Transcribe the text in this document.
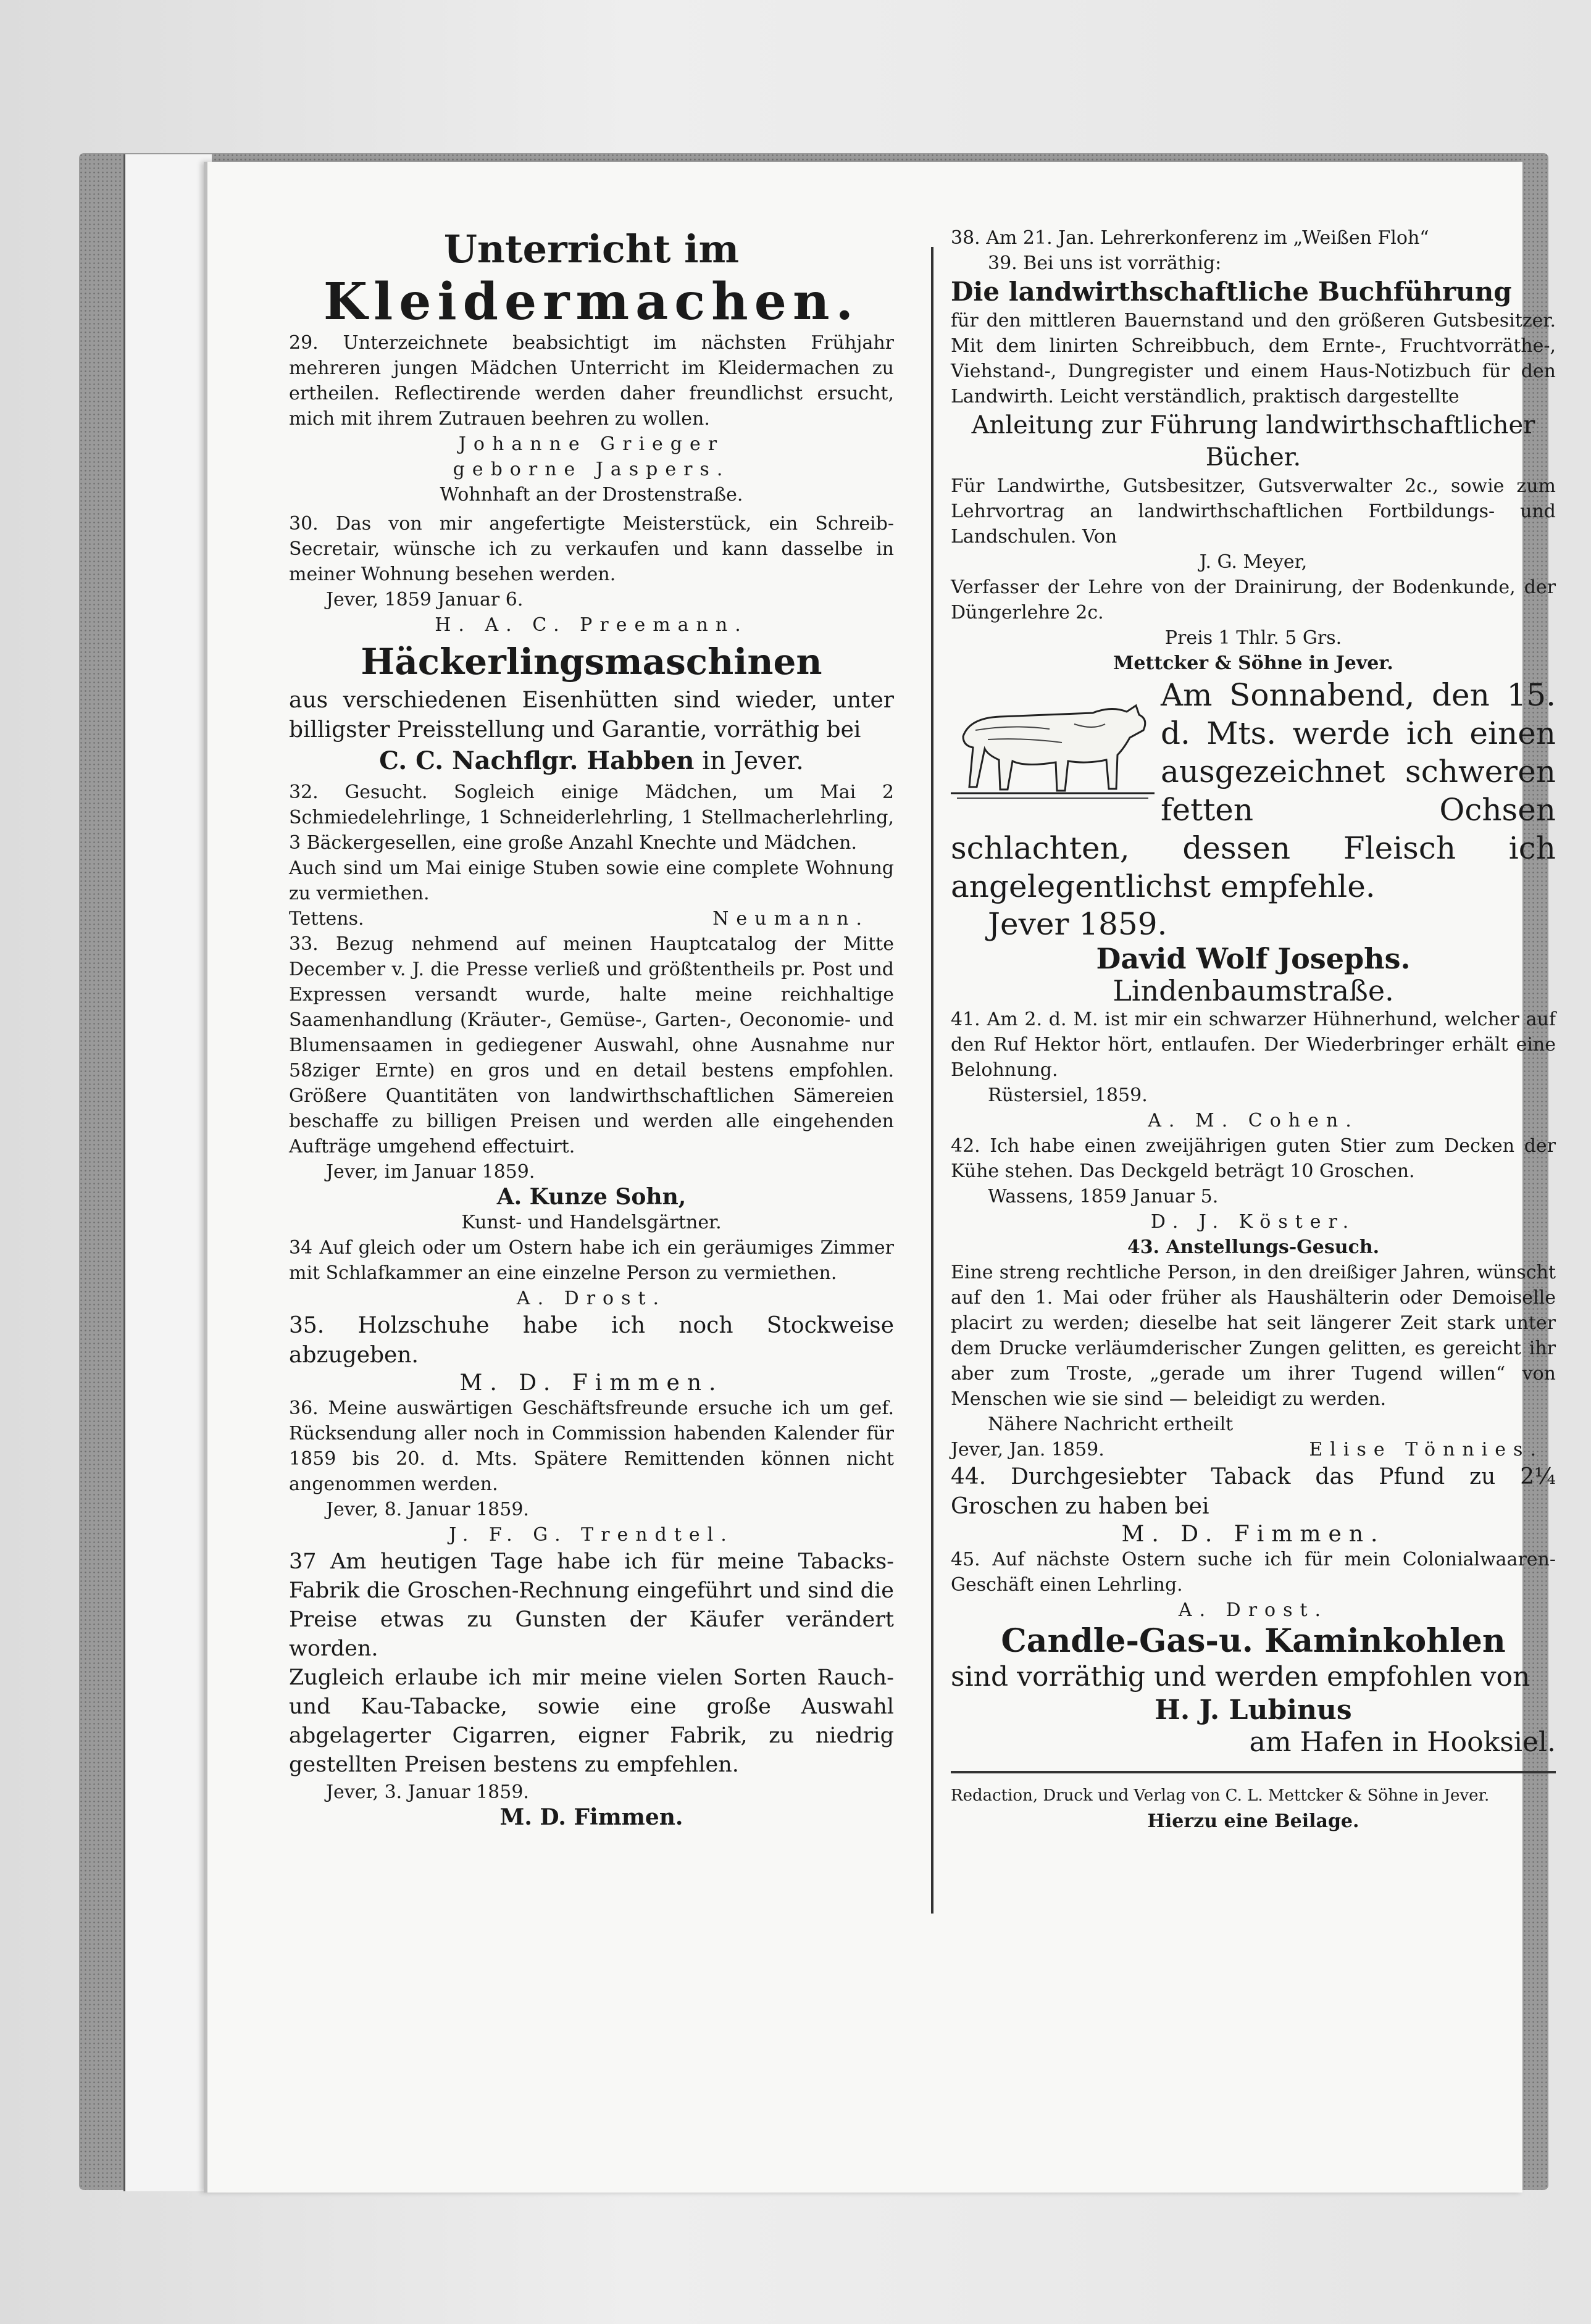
Unterricht im

Kleidermachen.

29. Unterzeichnete beabsichtigt im nächsten Frühjahr mehreren jungen Mädchen Unterricht im Kleidermachen zu ertheilen. Reflectirende werden daher freundlichst ersucht, mich mit ihrem Zutrauen beehren zu wollen.

Johanne Grieger

geborne Jaspers.

Wohnhaft an der Drostenstraße.

30. Das von mir angefertigte Meisterstück, ein Schreib-Secretair, wünsche ich zu verkaufen und kann dasselbe in meiner Wohnung besehen werden.

Jever, 1859 Januar 6.

H. A. C. Preemann.

Häckerlingsmaschinen

aus verschiedenen Eisenhütten sind wieder, unter billigster Preisstellung und Garantie, vorräthig bei

C. C. Nachflgr. Habben in Jever.

32. Gesucht. Sogleich einige Mädchen, um Mai 2 Schmiedelehrlinge, 1 Schneiderlehrling, 1 Stellmacherlehrling, 3 Bäckergesellen, eine große Anzahl Knechte und Mädchen.

Auch sind um Mai einige Stuben sowie eine complete Wohnung zu vermiethen.

Tettens.	Neumann.

33. Bezug nehmend auf meinen Hauptcatalog der Mitte December v. J. die Presse verließ und größtentheils pr. Post und Expressen versandt wurde, halte meine reichhaltige Saamenhandlung (Kräuter-, Gemüse-, Garten-, Oeconomie- und Blumensaamen in gediegener Auswahl, ohne Ausnahme nur 58ziger Ernte) en gros und en detail bestens empfohlen. Größere Quantitäten von landwirthschaftlichen Sämereien beschaffe zu billigen Preisen und werden alle eingehenden Aufträge umgehend effectuirt.

Jever, im Januar 1859.

A. Kunze Sohn,

Kunst- und Handelsgärtner.

34 Auf gleich oder um Ostern habe ich ein geräumiges Zimmer mit Schlafkammer an eine einzelne Person zu vermiethen.

A. Drost.

35. Holzschuhe habe ich noch Stockweise abzugeben.

M. D. Fimmen.

36. Meine auswärtigen Geschäftsfreunde ersuche ich um gef. Rücksendung aller noch in Commission habenden Kalender für 1859 bis 20. d. Mts. Spätere Remittenden können nicht angenommen werden.

Jever, 8. Januar 1859.

J. F. G. Trendtel.

37 Am heutigen Tage habe ich für meine Tabacks-Fabrik die Groschen-Rechnung eingeführt und sind die Preise etwas zu Gunsten der Käufer verändert worden.

Zugleich erlaube ich mir meine vielen Sorten Rauch- und Kau-Tabacke, sowie eine große Auswahl abgelagerter Cigarren, eigner Fabrik, zu niedrig gestellten Preisen bestens zu empfehlen.

Jever, 3. Januar 1859.

M. D. Fimmen.

38. Am 21. Jan. Lehrerkonferenz im „Weißen Floh“

39. Bei uns ist vorräthig:

Die landwirthschaftliche Buchführung

für den mittleren Bauernstand und den größeren Gutsbesitzer. Mit dem linirten Schreibbuch, dem Ernte-, Fruchtvorräthe-, Viehstand-, Dungregister und einem Haus-Notizbuch für den Landwirth. Leicht verständlich, praktisch dargestellte

Anleitung zur Führung landwirthschaftlicher Bücher.

Für Landwirthe, Gutsbesitzer, Gutsverwalter 2c., sowie zum Lehrvortrag an landwirthschaftlichen Fortbildungs- und Landschulen. Von

J. G. Meyer,

Verfasser der Lehre von der Drainirung, der Bodenkunde, der Düngerlehre 2c.

Preis 1 Thlr. 5 Grs.

Mettcker & Söhne in Jever.

Am Sonnabend, den 15. d. Mts. werde ich einen ausgezeichnet schweren fetten Ochsen schlachten, dessen Fleisch ich angelegentlichst empfehle.

Jever 1859.

David Wolf Josephs.

Lindenbaumstraße.

41. Am 2. d. M. ist mir ein schwarzer Hühnerhund, welcher auf den Ruf Hektor hört, entlaufen. Der Wiederbringer erhält eine Belohnung.

Rüstersiel, 1859.

A. M. Cohen.

42. Ich habe einen zweijährigen guten Stier zum Decken der Kühe stehen. Das Deckgeld beträgt 10 Groschen.

Wassens, 1859 Januar 5.

D. J. Köster.

43. Anstellungs-Gesuch.

Eine streng rechtliche Person, in den dreißiger Jahren, wünscht auf den 1. Mai oder früher als Haushälterin oder Demoiselle placirt zu werden; dieselbe hat seit längerer Zeit stark unter dem Drucke verläumderischer Zungen gelitten, es gereicht ihr aber zum Troste, „gerade um ihrer Tugend willen“ von Menschen wie sie sind — beleidigt zu werden.

Nähere Nachricht ertheilt

Jever, Jan. 1859.	Elise Tönnies.

44. Durchgesiebter Taback das Pfund zu 2¼ Groschen zu haben bei

M. D. Fimmen.

45. Auf nächste Ostern suche ich für mein Colonialwaaren-Geschäft einen Lehrling.

A. Drost.

Candle-Gas-u. Kaminkohlen

sind vorräthig und werden empfohlen von

H. J. Lubinus

am Hafen in Hooksiel.

Redaction, Druck und Verlag von C. L. Mettcker & Söhne in Jever.

Hierzu eine Beilage.
